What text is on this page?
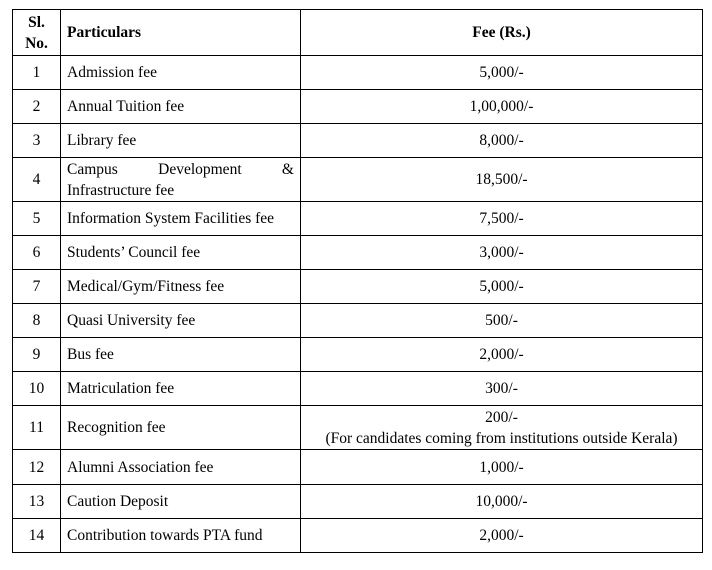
Sl.
No.	Particulars	Fee (Rs.)
1	Admission fee	5,000/-
2	Annual Tuition fee	1,00,000/-
3	Library fee	8,000/-
4	Campus Development &
Infrastructure fee	18,500/-
5	Information System Facilities fee	7,500/-
6	Students’ Council fee	3,000/-
7	Medical/Gym/Fitness fee	5,000/-
8	Quasi University fee	500/-
9	Bus fee	2,000/-
10	Matriculation fee	300/-
11	Recognition fee	200/-
(For candidates coming from institutions outside Kerala)

12	Alumni Association fee	1,000/-
13	Caution Deposit	10,000/-
14	Contribution towards PTA fund	2,000/-
